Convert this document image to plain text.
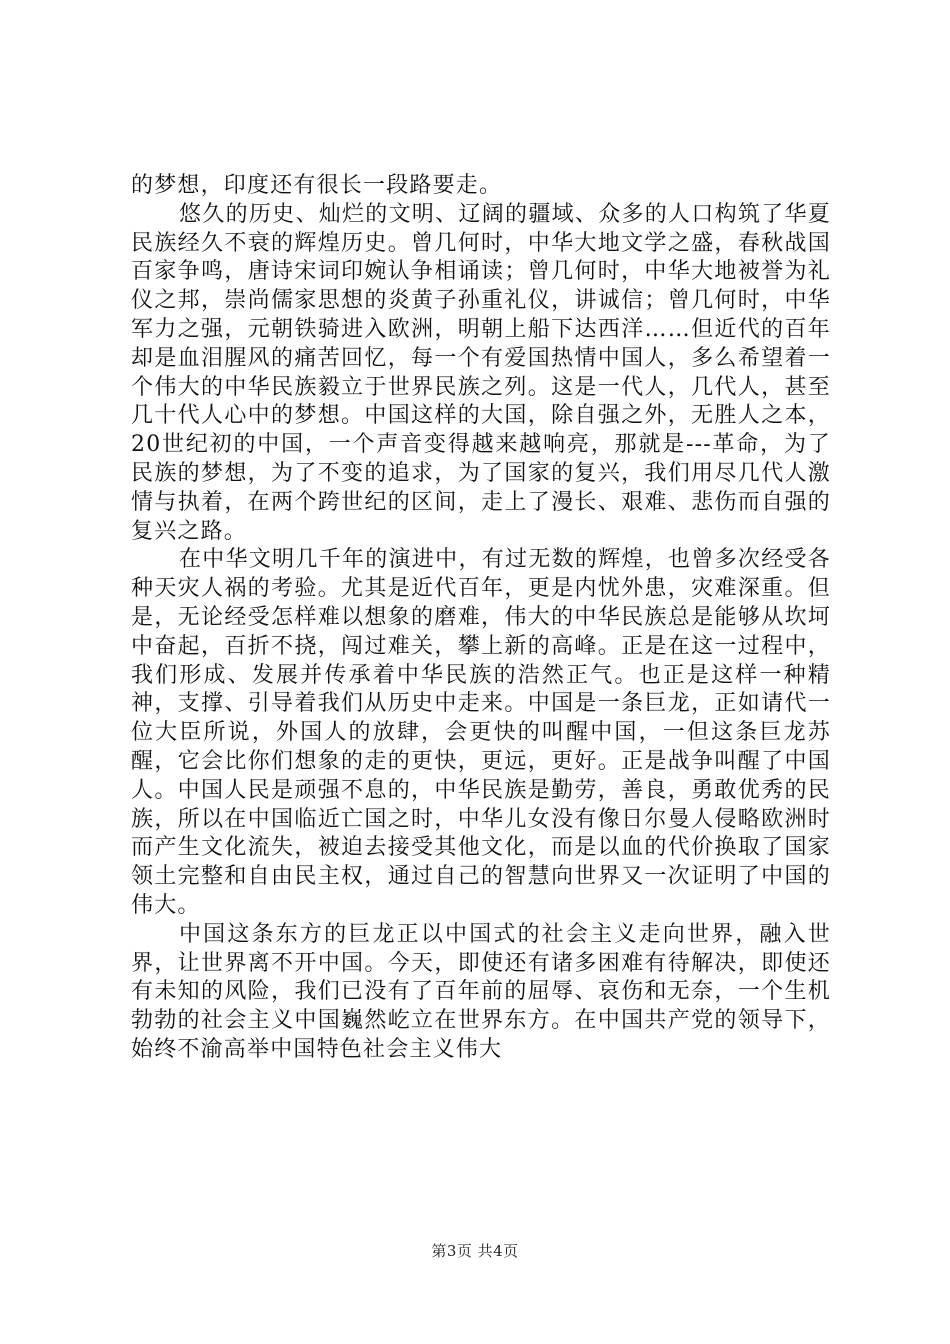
的梦想，印度还有很长一段路要走。

悠久的历史、灿烂的文明、辽阔的疆域、众多的人口构筑了华夏民族经久不衰的辉煌历史。曾几何时，中华大地文学之盛，春秋战国百家争鸣，唐诗宋词印婉认争相诵读；曾几何时，中华大地被誉为礼仪之邦，崇尚儒家思想的炎黄子孙重礼仪，讲诚信；曾几何时，中华军力之强，元朝铁骑进入欧洲，明朝上船下达西洋……但近代的百年却是血泪腥风的痛苦回忆，每一个有爱国热情中国人，多么希望着一个伟大的中华民族毅立于世界民族之列。这是一代人，几代人，甚至几十代人心中的梦想。中国这样的大国，除自强之外，无胜人之本，20世纪初的中国，一个声音变得越来越响亮，那就是---革命，为了民族的梦想，为了不变的追求，为了国家的复兴，我们用尽几代人激情与执着，在两个跨世纪的区间，走上了漫长、艰难、悲伤而自强的复兴之路。

在中华文明几千年的演进中，有过无数的辉煌，也曾多次经受各种天灾人祸的考验。尤其是近代百年，更是内忧外患，灾难深重。但是，无论经受怎样难以想象的磨难，伟大的中华民族总是能够从坎坷中奋起，百折不挠，闯过难关，攀上新的高峰。正是在这一过程中，我们形成、发展并传承着中华民族的浩然正气。也正是这样一种精神，支撑、引导着我们从历史中走来。中国是一条巨龙，正如请代一位大臣所说，外国人的放肆，会更快的叫醒中国，一但这条巨龙苏醒，它会比你们想象的走的更快，更远，更好。正是战争叫醒了中国人。中国人民是顽强不息的，中华民族是勤劳，善良，勇敢优秀的民族，所以在中国临近亡国之时，中华儿女没有像日尔曼人侵略欧洲时而产生文化流失，被迫去接受其他文化，而是以血的代价换取了国家领土完整和自由民主权，通过自己的智慧向世界又一次证明了中国的伟大。

中国这条东方的巨龙正以中国式的社会主义走向世界，融入世界，让世界离不开中国。今天，即使还有诸多困难有待解决，即使还有未知的风险，我们已没有了百年前的屈辱、哀伤和无奈，一个生机勃勃的社会主义中国巍然屹立在世界东方。在中国共产党的领导下，始终不渝高举中国特色社会主义伟大

第3页 共4页
